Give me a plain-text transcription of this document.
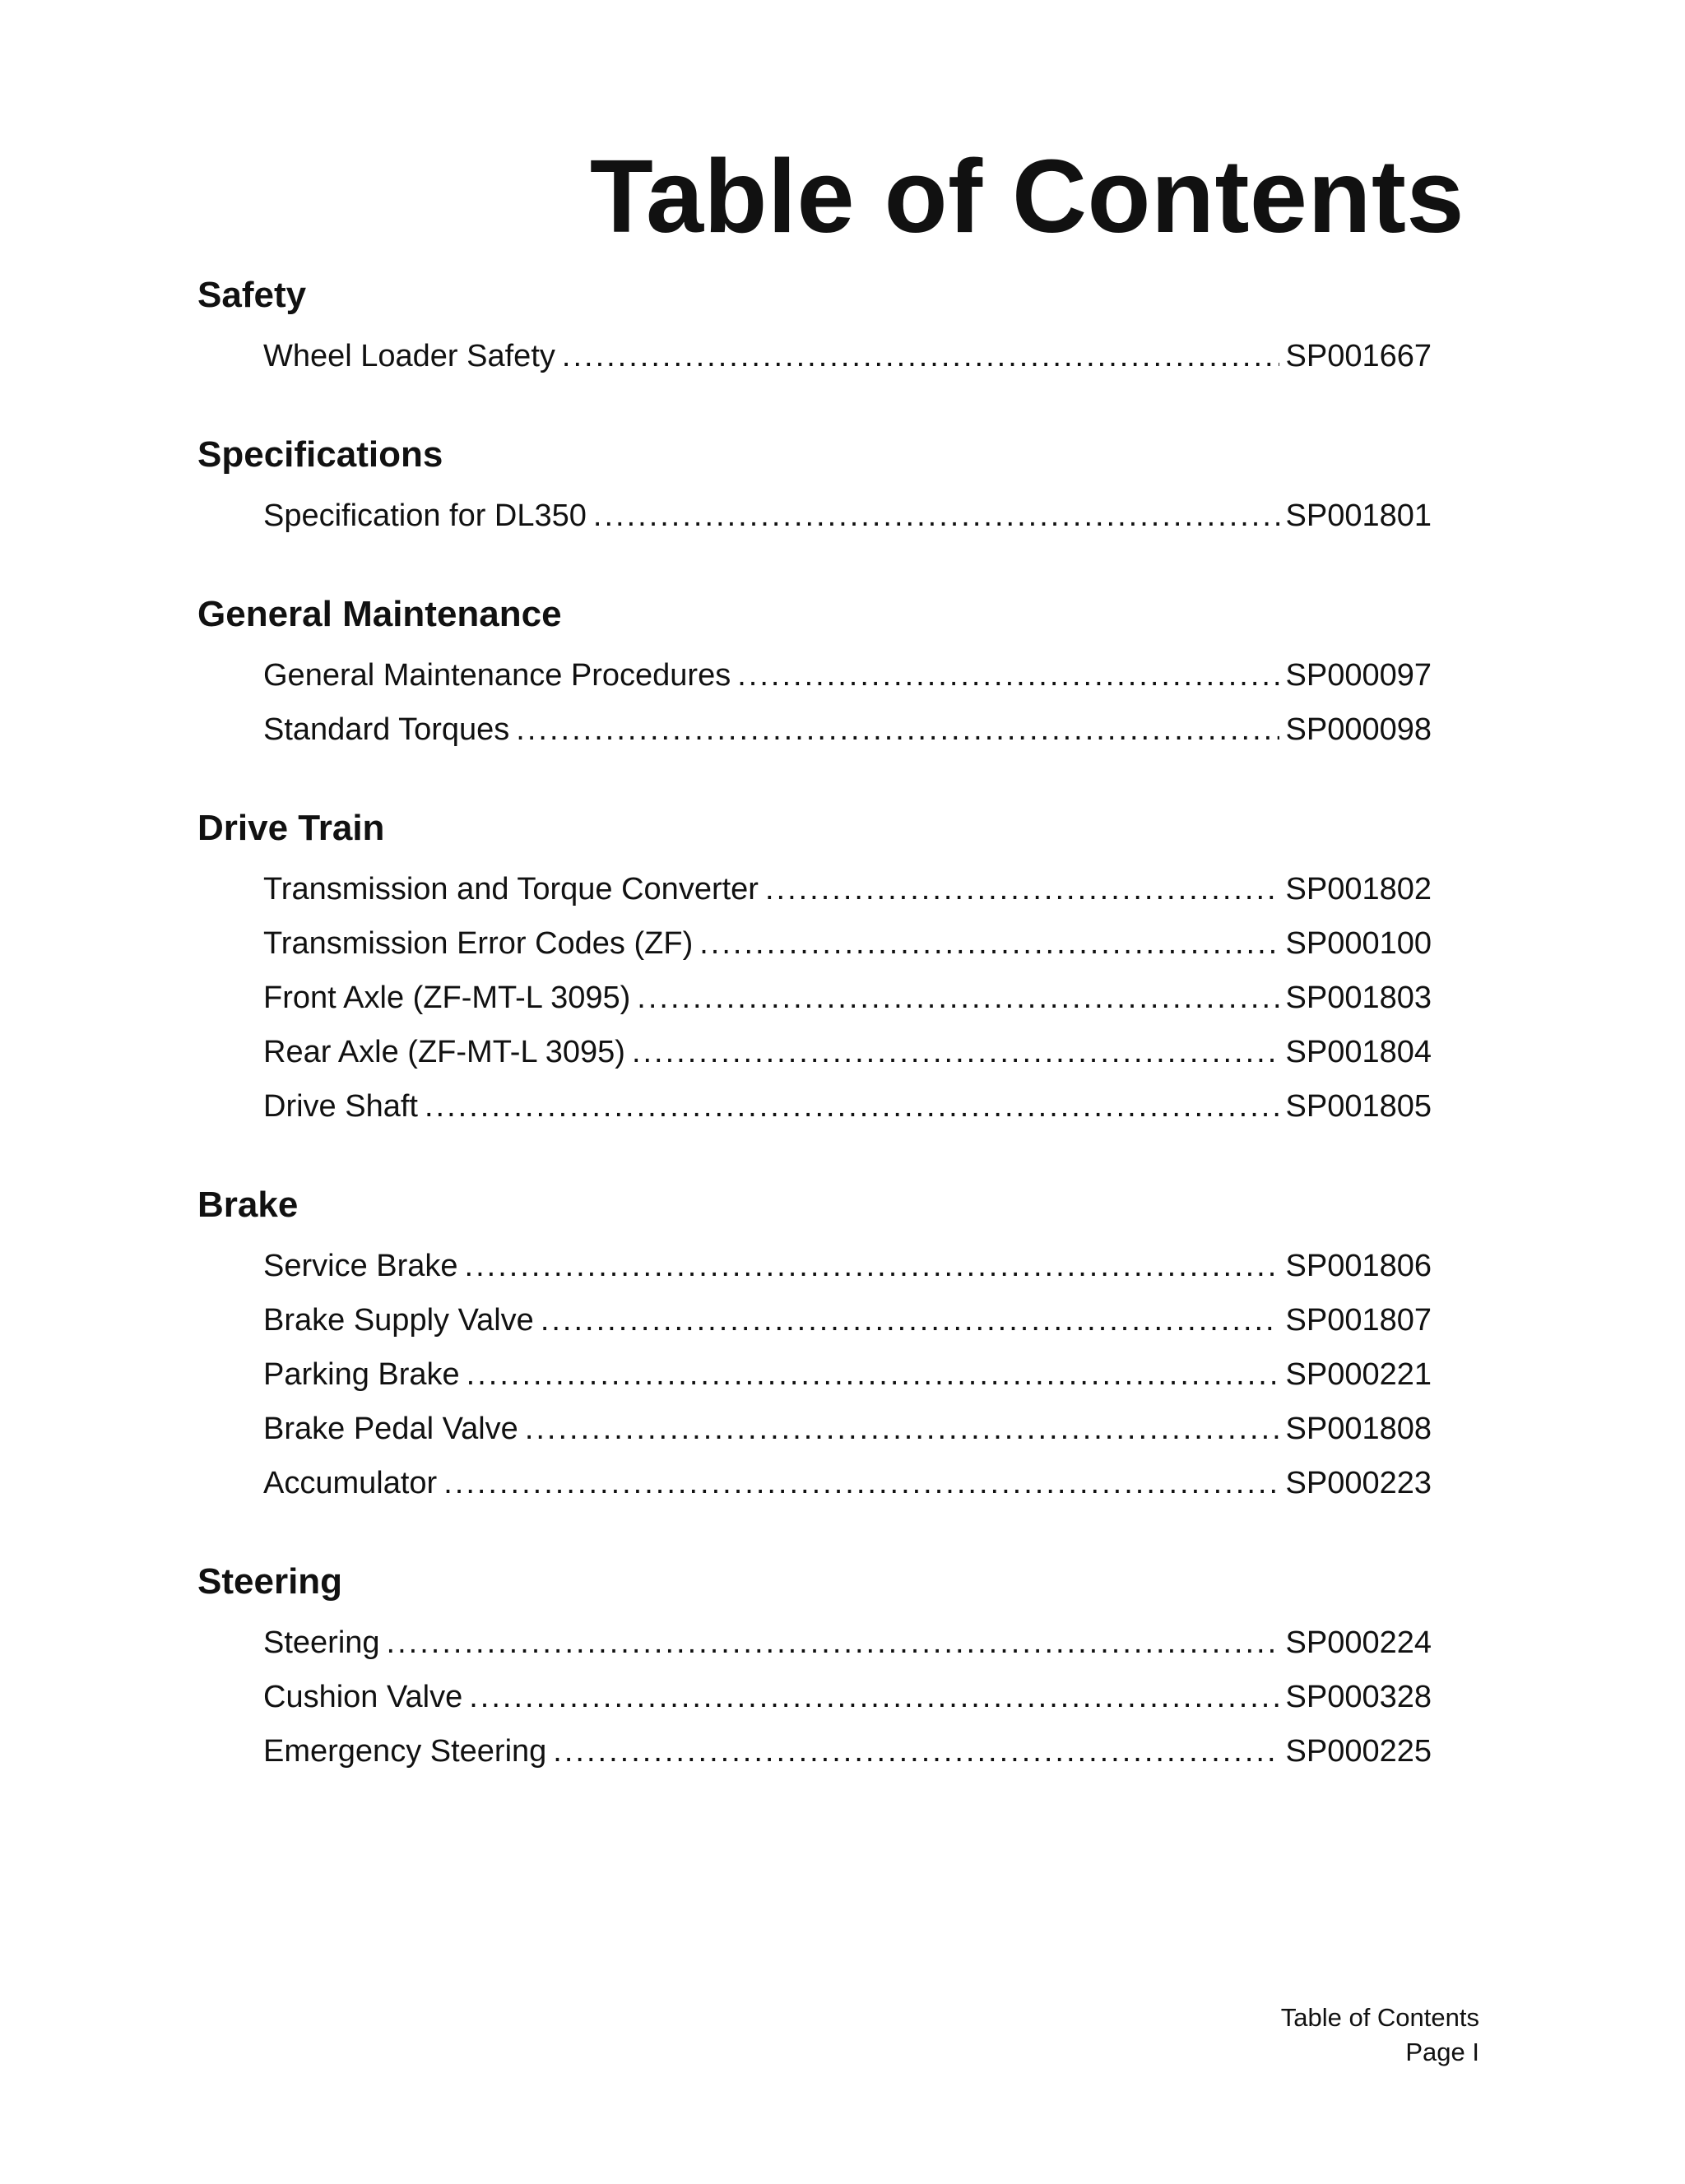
Table of Contents
Safety
Wheel Loader Safety .....	SP001667
Specifications
Specification for DL350 .....	SP001801
General Maintenance
General Maintenance Procedures .....	SP000097
Standard Torques .....	SP000098
Drive Train
Transmission and Torque Converter .....	SP001802
Transmission Error Codes (ZF) .....	SP000100
Front Axle (ZF-MT-L 3095) .....	SP001803
Rear Axle (ZF-MT-L 3095) .....	SP001804
Drive Shaft .....	SP001805
Brake
Service Brake .....	SP001806
Brake Supply Valve .....	SP001807
Parking Brake .....	SP000221
Brake Pedal Valve .....	SP001808
Accumulator .....	SP000223
Steering
Steering .....	SP000224
Cushion Valve .....	SP000328
Emergency Steering .....	SP000225
Table of Contents
Page I
